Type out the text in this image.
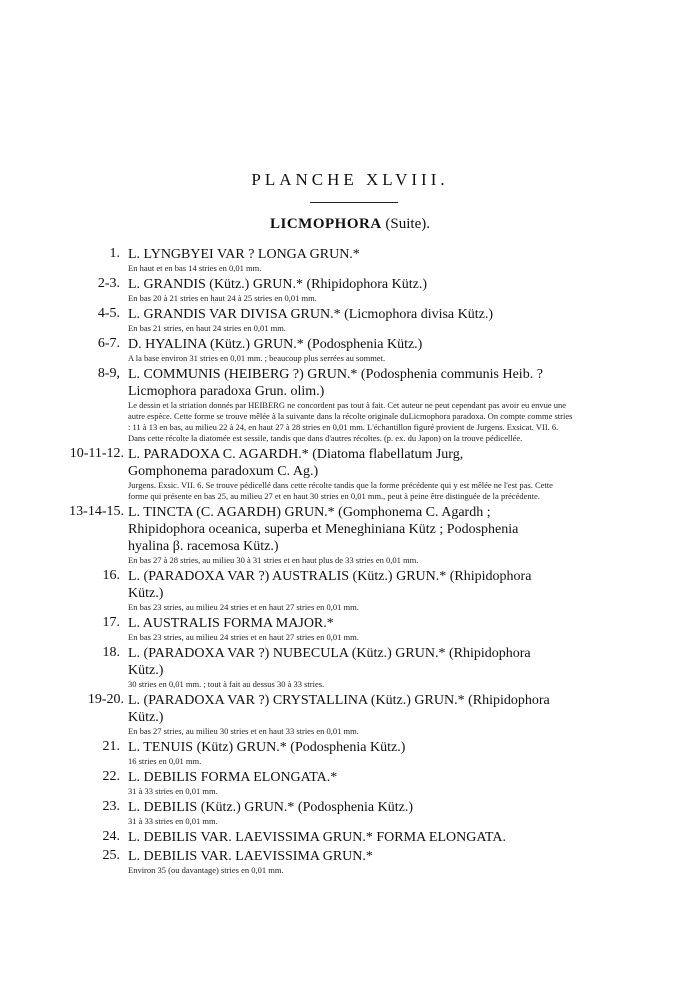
PLANCHE XLVIII.
LICMOPHORA (Suite).
1. L. LYNGBYEI VAR ? LONGA GRUN.*
En haut et en bas 14 stries en 0,01 mm.
2-3. L. GRANDIS (Kütz.) GRUN.* (Rhipidophora Kütz.)
En bas 20 à 21 stries en haut 24 à 25 stries en 0,01 mm.
4-5. L. GRANDIS VAR DIVISA GRUN.* (Licmophora divisa Kütz.)
En bas 21 stries, en haut 24 stries en 0,01 mm.
6-7. D. HYALINA (Kütz.) GRUN.* (Podosphenia Kütz.)
A la base environ 31 stries en 0,01 mm. ; beaucoup plus serrées au sommet.
8-9, L. COMMUNIS (HEIBERG ?) GRUN.* (Podosphenia communis Heib. ?
Licmophora paradoxa Grun. olim.)
Le dessin et la striation donnés par HEIBERG ne concordent pas tout à fait. Cet auteur ne peut cependant pas avoir eu envue une autre espèce. Cette forme se trouve mêlée à la suivante dans la récolte originale duLicmophora paradoxa. On compte comme stries : 11 à 13 en bas, au milieu 22 à 24, en haut 27 à 28 stries en 0,01 mm. L'échantillon figuré provient de Jurgens. Exsicat. VII. 6. Dans cette récolte la diatomée est sessile, tandis que dans d'autres récoltes. (p. ex. du Japon) on la trouve pédicellée.
10-11-12. L. PARADOXA C. AGARDH.* (Diatoma flabellatum Jurg,
Gomphonema paradoxum C. Ag.)
Jurgens. Exsic. VII. 6. Se trouve pédicellé dans cette récolte tandis que la forme précédente qui y est mêlée ne l'est pas. Cette forme qui présente en bas 25, au milieu 27 et en haut 30 stries en 0,01 mm., peut à peine être distinguée de la précédente.
13-14-15. L. TINCTA (C. AGARDH) GRUN.* (Gomphonema C. Agardh ;
Rhipidophora oceanica, superba et Meneghiniana Kütz ; Podosphenia
hyalina β. racemosa Kütz.)
En bas 27 à 28 stries, au milieu 30 à 31 stries et en haut plus de 33 stries en 0,01 mm.
16. L. (PARADOXA VAR ?) AUSTRALIS (Kütz.) GRUN.* (Rhipidophora
Kütz.)
En bas 23 stries, au milieu 24 stries et en haut 27 stries en 0,01 mm.
17. L. AUSTRALIS FORMA MAJOR.*
En bas 23 stries, au milieu 24 stries et en haut 27 stries en 0,01 mm.
18. L. (PARADOXA VAR ?) NUBECULA (Kütz.) GRUN.* (Rhipidophora
Kütz.)
30 stries en 0,01 mm. ; tout à fait au dessus 30 à 33 stries.
19-20. L. (PARADOXA VAR ?) CRYSTALLINA (Kütz.) GRUN.* (Rhipidophora
Kütz.)
En bas 27 stries, au milieu 30 stries et en haut 33 stries en 0,01 mm.
21. L. TENUIS (Kütz) GRUN.* (Podosphenia Kütz.)
16 stries en 0,01 mm.
22. L. DEBILIS FORMA ELONGATA.*
31 à 33 stries en 0,01 mm.
23. L. DEBILIS (Kütz.) GRUN.* (Podosphenia Kütz.)
31 à 33 stries en 0,01 mm.
24. L. DEBILIS VAR. LAEVISSIMA GRUN.* FORMA ELONGATA.
25. L. DEBILIS VAR. LAEVISSIMA GRUN.*
Environ 35 (ou davantage) stries en 0,01 mm.
